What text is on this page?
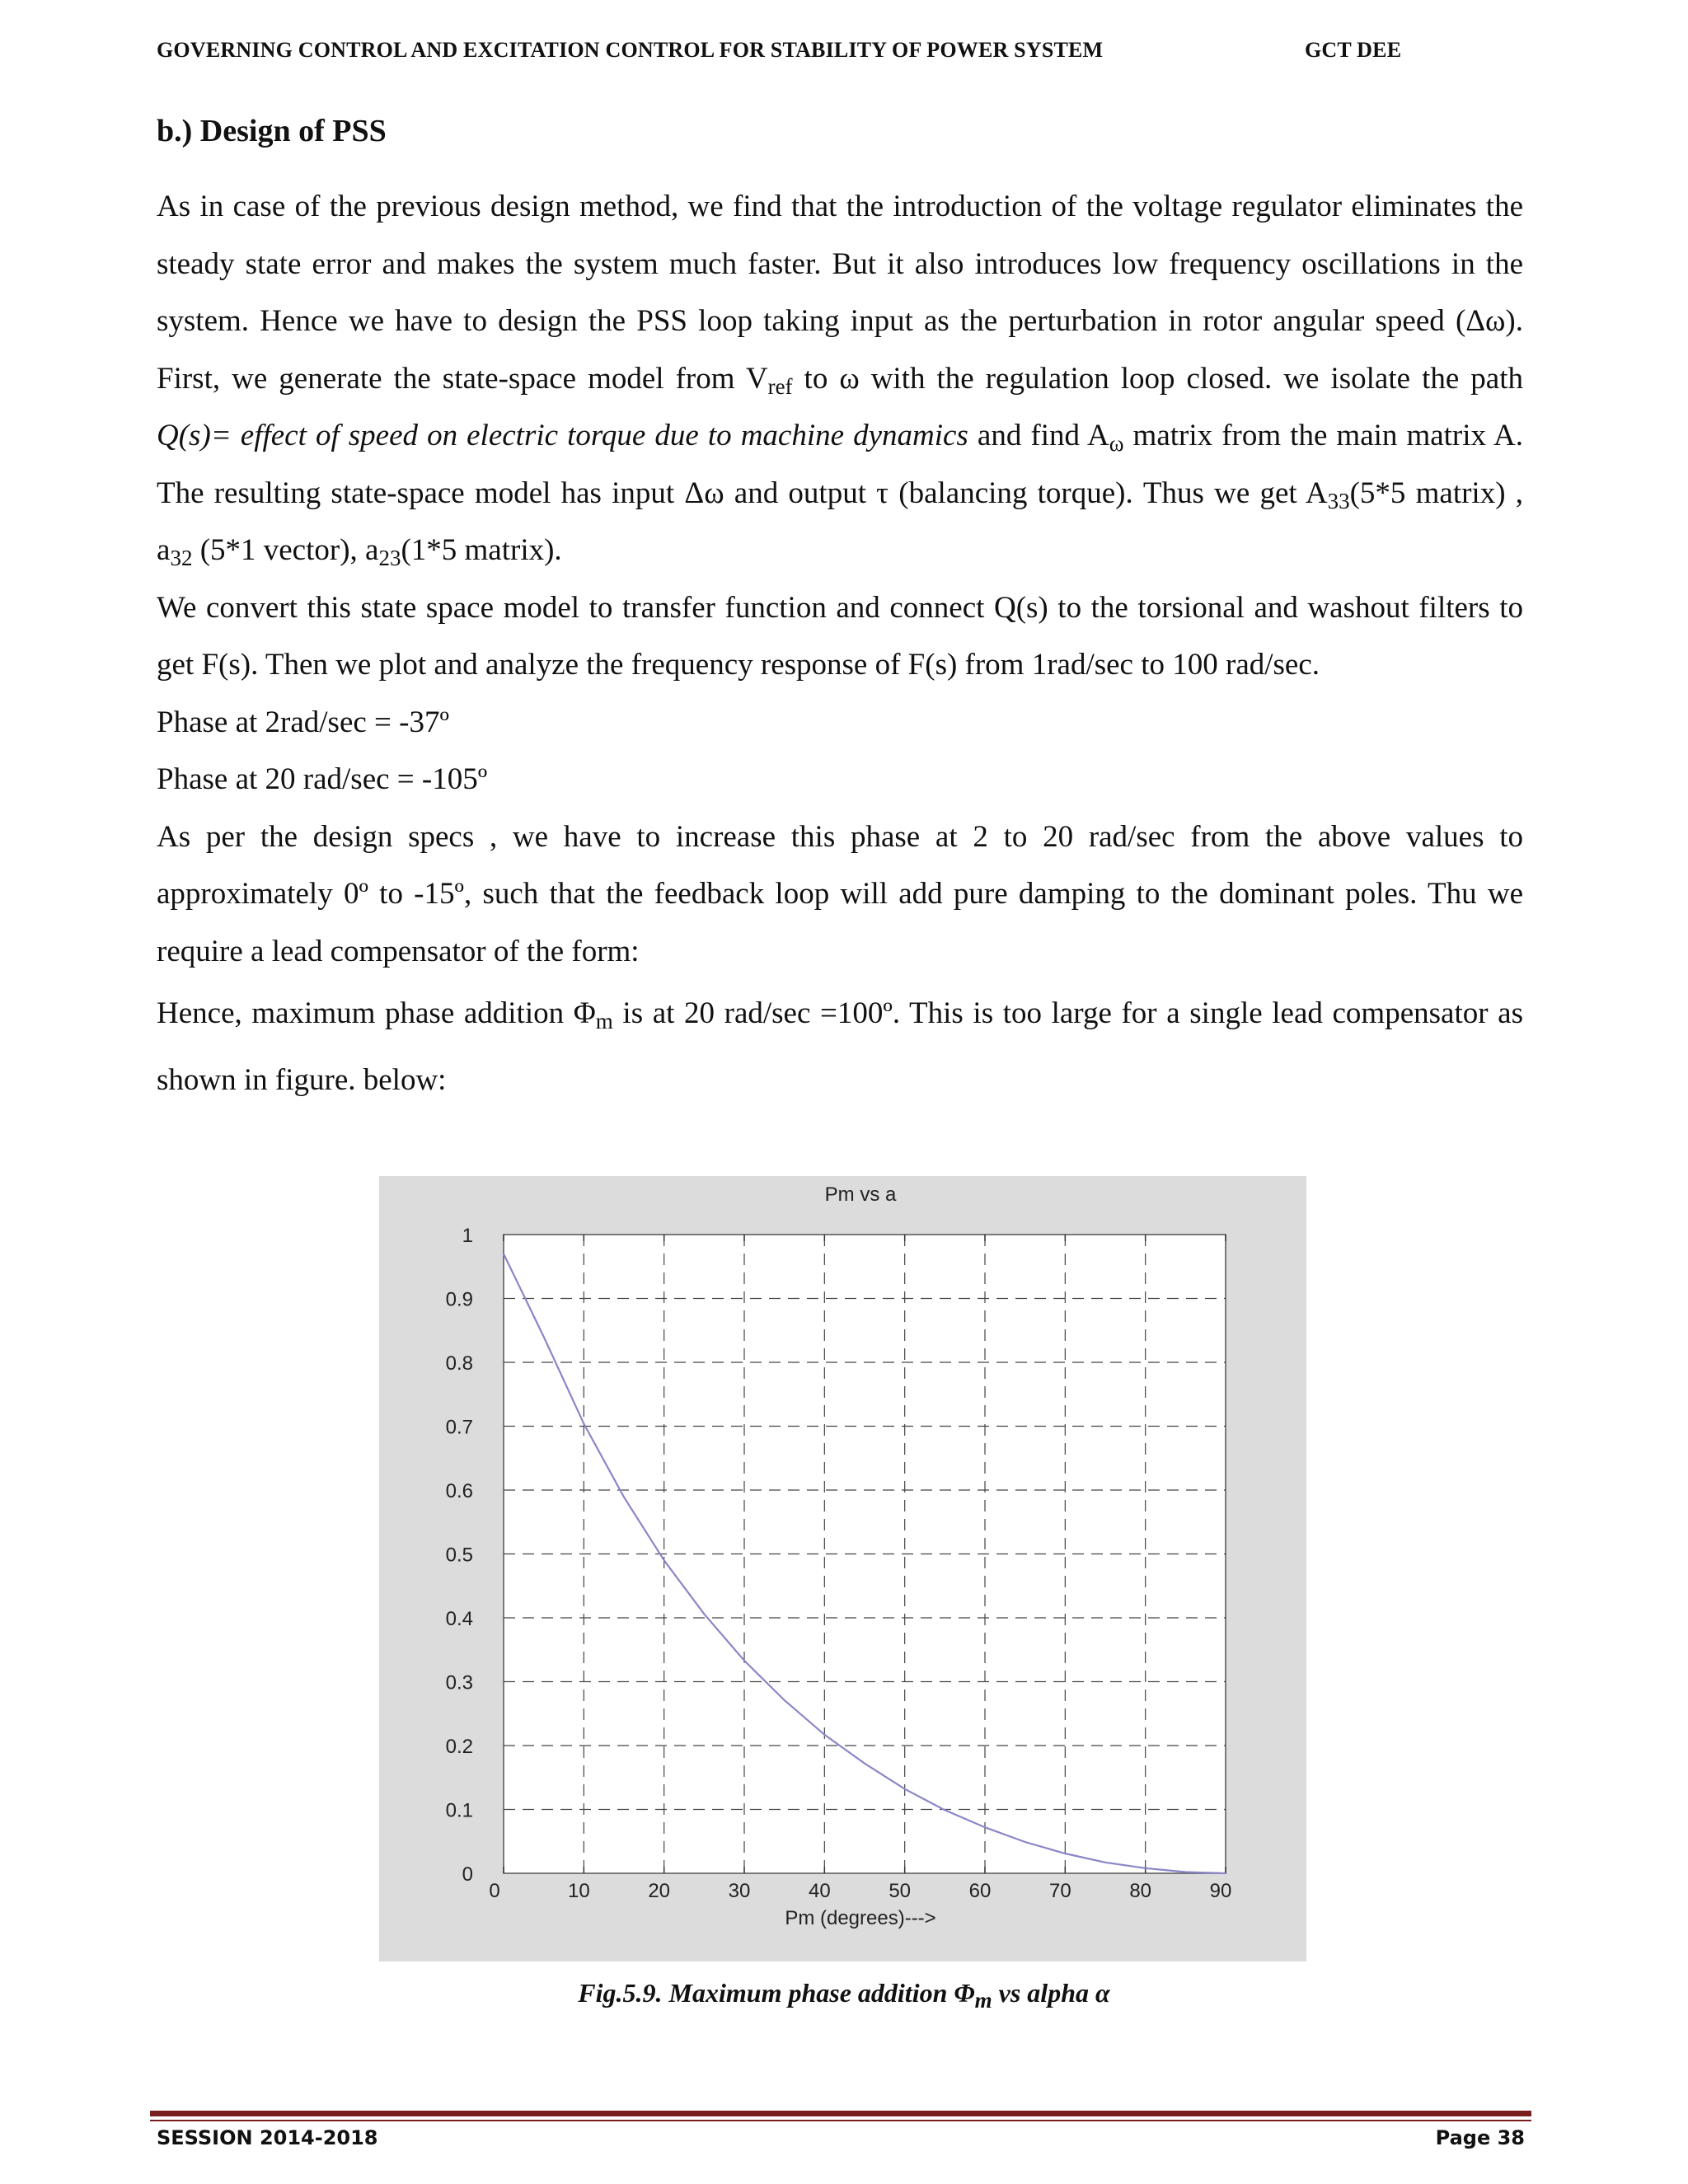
GOVERNING CONTROL AND EXCITATION CONTROL FOR STABILITY OF POWER SYSTEM	GCT DEE
b.) Design of PSS

As in case of the previous design method, we find that the introduction of the voltage regulator eliminates the steady state error and makes the system much faster. But it also introduces low frequency oscillations in the system. Hence we have to design the PSS loop taking input as the perturbation in rotor angular speed (Δω). First, we generate the state-space model from $V_{ref}$ to ω with the regulation loop closed. we isolate the path Q(s)= effect of speed on electric torque due to machine dynamics and find $A_\omega$ matrix from the main matrix A. The resulting state-space model has input Δω and output τ (balancing torque). Thus we get $A_{33}(5*5$ matrix) , $a_{32}$ (5*1 vector), $a_{23}(1*5$ matrix).

We convert this state space model to transfer function and connect Q(s) to the torsional and washout filters to get F(s). Then we plot and analyze the frequency response of F(s) from 1rad/sec to 100 rad/sec.

Phase at 2rad/sec = -37º

Phase at 20 rad/sec = -105º

As per the design specs , we have to increase this phase at 2 to 20 rad/sec from the above values to approximately 0º to -15º, such that the feedback loop will add pure damping to the dominant poles. Thu we require a lead compensator of the form:

Hence, maximum phase addition $\Phi_m$ is at 20 rad/sec =100º. This is too large for a single lead compensator as shown in figure. below:

0
0.1
0.2
0.3
0.4
0.5
0.6
0.7
0.8
0.9
1
0	10	20	30	40	50	60	70	80	90
Pm vs a
Pm (degrees)--->
Fig.5.9. Maximum phase addition $\Phi_m$ vs alpha α
SESSION 2014-2018	Page 38
